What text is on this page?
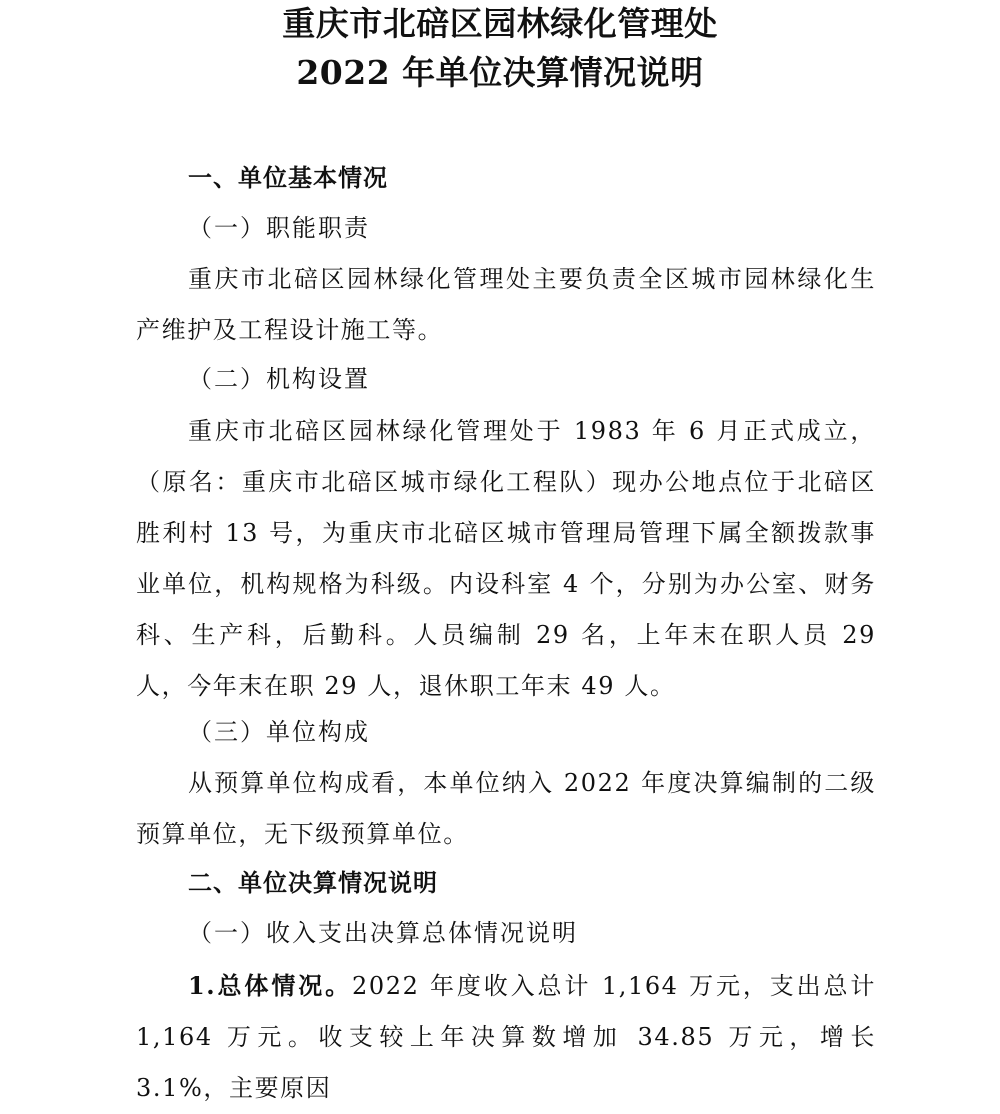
重庆市北碚区园林绿化管理处
2022 年单位决算情况说明
一、单位基本情况
（一）职能职责
重庆市北碚区园林绿化管理处主要负责全区城市园林绿化生产维护及工程设计施工等。
（二）机构设置
重庆市北碚区园林绿化管理处于 1983 年 6 月正式成立，（原名：重庆市北碚区城市绿化工程队）现办公地点位于北碚区胜利村 13 号，为重庆市北碚区城市管理局管理下属全额拨款事业单位，机构规格为科级。内设科室 4 个，分别为办公室、财务科、生产科，后勤科。人员编制 29 名，上年末在职人员 29 人，今年末在职 29 人，退休职工年末 49 人。
（三）单位构成
从预算单位构成看，本单位纳入 2022 年度决算编制的二级预算单位，无下级预算单位。
二、单位决算情况说明
（一）收入支出决算总体情况说明
1.总体情况。2022 年度收入总计 1,164 万元，支出总计 1,164 万元。收支较上年决算数增加 34.85 万元，增长 3.1%，主要原因
